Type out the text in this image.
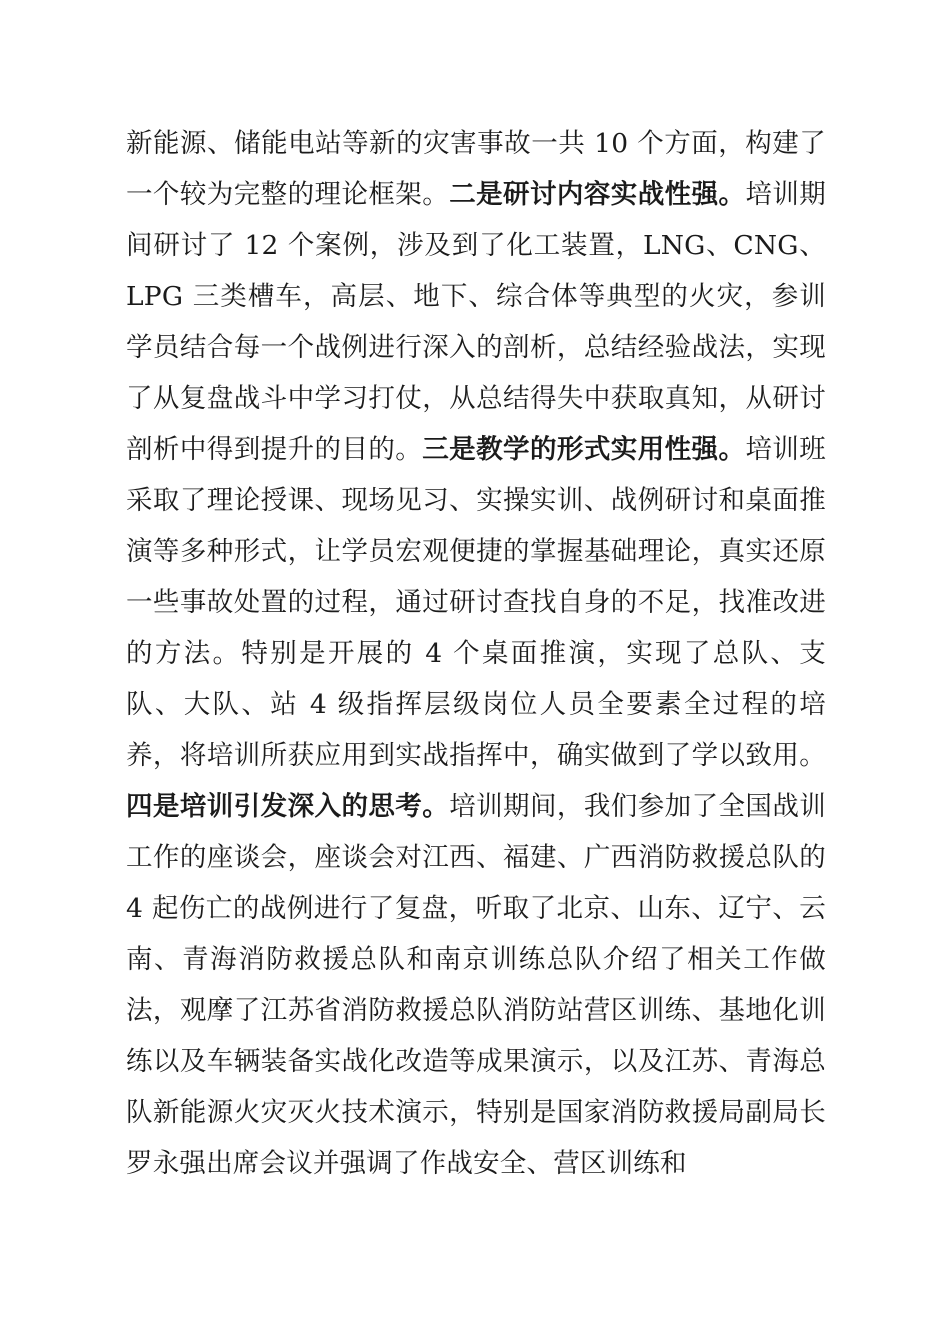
新能源、储能电站等新的灾害事故一共 10 个方面，构建了一个较为完整的理论框架。二是研讨内容实战性强。培训期间研讨了 12 个案例，涉及到了化工装置，LNG、CNG、LPG 三类槽车，高层、地下、综合体等典型的火灾，参训学员结合每一个战例进行深入的剖析，总结经验战法，实现了从复盘战斗中学习打仗，从总结得失中获取真知，从研讨剖析中得到提升的目的。三是教学的形式实用性强。培训班采取了理论授课、现场见习、实操实训、战例研讨和桌面推演等多种形式，让学员宏观便捷的掌握基础理论，真实还原一些事故处置的过程，通过研讨查找自身的不足，找准改进的方法。特别是开展的 4 个桌面推演，实现了总队、支队、大队、站 4 级指挥层级岗位人员全要素全过程的培养，将培训所获应用到实战指挥中，确实做到了学以致用。四是培训引发深入的思考。培训期间，我们参加了全国战训工作的座谈会，座谈会对江西、福建、广西消防救援总队的 4 起伤亡的战例进行了复盘，听取了北京、山东、辽宁、云南、青海消防救援总队和南京训练总队介绍了相关工作做法，观摩了江苏省消防救援总队消防站营区训练、基地化训练以及车辆装备实战化改造等成果演示，以及江苏、青海总队新能源火灾灭火技术演示，特别是国家消防救援局副局长罗永强出席会议并强调了作战安全、营区训练和
